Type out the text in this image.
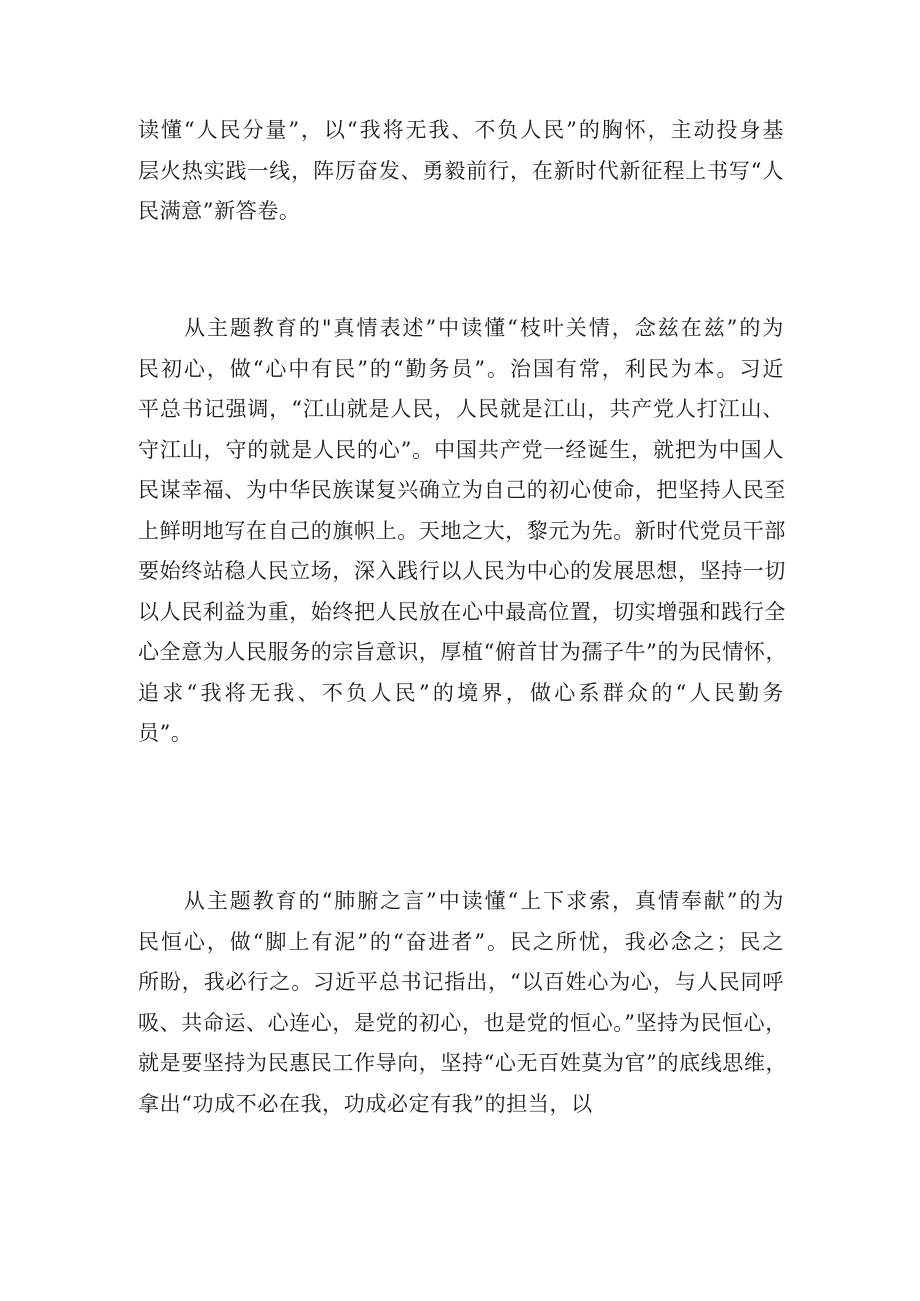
读懂“人民分量”，以“我将无我、不负人民”的胸怀，主动投身基
层火热实践一线，阵厉奋发、勇毅前行，在新时代新征程上书写“人
民满意”新答卷。
　　从主题教育的"真情表述”中读懂“枝叶关情，念兹在兹”的为
民初心，做“心中有民”的“勤务员”。治国有常，利民为本。习近
平总书记强调，“江山就是人民，人民就是江山，共产党人打江山、
守江山，守的就是人民的心”。中国共产党一经诞生，就把为中国人
民谋幸福、为中华民族谋复兴确立为自己的初心使命，把坚持人民至
上鲜明地写在自己的旗帜上。天地之大，黎元为先。新时代党员干部
要始终站稳人民立场，深入践行以人民为中心的发展思想，坚持一切
以人民利益为重，始终把人民放在心中最高位置，切实增强和践行全
心全意为人民服务的宗旨意识，厚植“俯首甘为孺子牛”的为民情怀，
追求“我将无我、不负人民”的境界，做心系群众的“人民勤务
员”。
　　从主题教育的“肺腑之言”中读懂“上下求索，真情奉献”的为
民恒心，做“脚上有泥”的“奋进者”。民之所忧，我必念之；民之
所盼，我必行之。习近平总书记指出，“以百姓心为心，与人民同呼
吸、共命运、心连心，是党的初心，也是党的恒心。”坚持为民恒心，
就是要坚持为民惠民工作导向，坚持“心无百姓莫为官”的底线思维，
拿出“功成不必在我，功成必定有我”的担当，以
